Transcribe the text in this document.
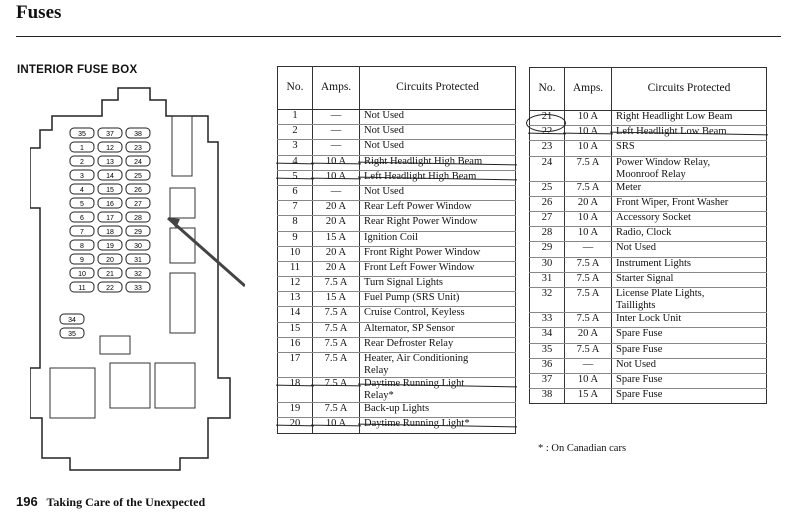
Fuses
INTERIOR FUSE BOX
35	37	38
1	12	23
2	13	24
3	14	25
4	15	26
5	16	27
6	17	28
7	18	29
8	19	30
9	20	31
10	21	32
11	22	33
34
35
No.	Amps.	Circuits Protected
1	—	Not Used
2	—	Not Used
3	—	Not Used
4	10 A	Right Headlight High Beam
5	10 A	Left Headlight High Beam
6	—	Not Used
7	20 A	Rear Left Power Window
8	20 A	Rear Right Power Window
9	15 A	Ignition Coil
10	20 A	Front Right Power Window
11	20 A	Front Left Fower Window
12	7.5 A	Turn Signal Lights
13	15 A	Fuel Pump (SRS Unit)
14	7.5 A	Cruise Control, Keyless
15	7.5 A	Alternator, SP Sensor
16	7.5 A	Rear Defroster Relay
17	7.5 A	Heater, Air Conditioning
Relay

18	7.5 A	Daytime Running Light
Relay*

19	7.5 A	Back-up Lights
20	10 A	Daytime Running Light*
No.	Amps.	Circuits Protected
21	10 A	Right Headlight Low Beam
22	10 A	Left Headlight Low Beam
23	10 A	SRS
24	7.5 A	Power Window Relay,
Moonroof Relay

25	7.5 A	Meter
26	20 A	Front Wiper, Front Washer
27	10 A	Accessory Socket
28	10 A	Radio, Clock
29	—	Not Used
30	7.5 A	Instrument Lights
31	7.5 A	Starter Signal
32	7.5 A	License Plate Lights,
Taillights

33	7.5 A	Inter Lock Unit
34	20 A	Spare Fuse
35	7.5 A	Spare Fuse
36	—	Not Used
37	10 A	Spare Fuse
38	15 A	Spare Fuse
* : On Canadian cars
196 Taking Care of the Unexpected
